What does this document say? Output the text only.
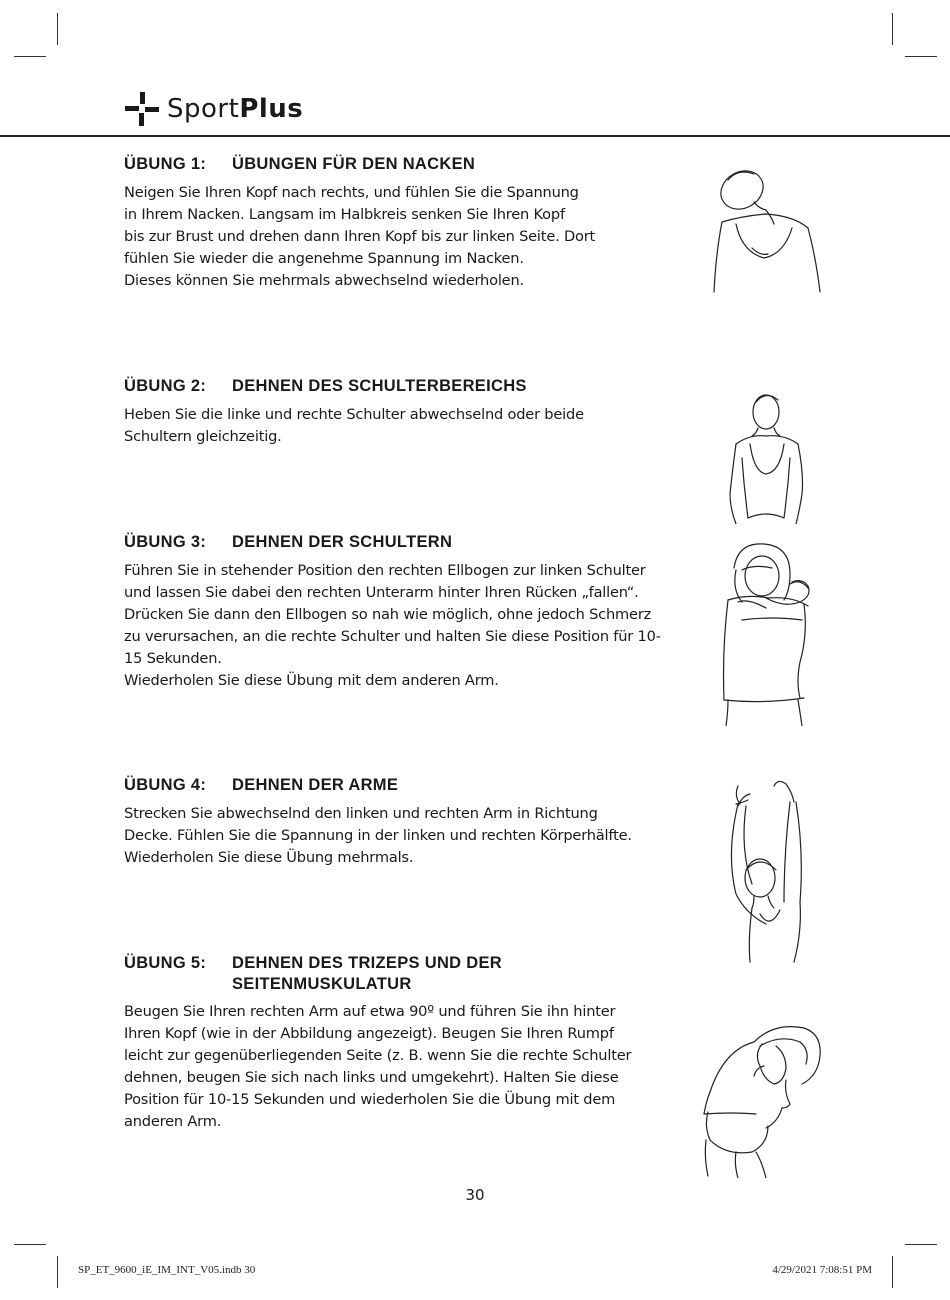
SportPlus
ÜBUNG 1:	ÜBUNGEN FÜR DEN NACKEN
Neigen Sie Ihren Kopf nach rechts, und fühlen Sie die Spannung
in Ihrem Nacken. Langsam im Halbkreis senken Sie Ihren Kopf
bis zur Brust und drehen dann Ihren Kopf bis zur linken Seite. Dort
fühlen Sie wieder die angenehme Spannung im Nacken.
Dieses können Sie mehrmals abwechselnd wiederholen.
ÜBUNG 2:	DEHNEN DES SCHULTERBEREICHS
Heben Sie die linke und rechte Schulter abwechselnd oder beide
Schultern gleichzeitig.
ÜBUNG 3:	DEHNEN DER SCHULTERN
Führen Sie in stehender Position den rechten Ellbogen zur linken Schulter
und lassen Sie dabei den rechten Unterarm hinter Ihren Rücken „fallen“.
Drücken Sie dann den Ellbogen so nah wie möglich, ohne jedoch Schmerz
zu verursachen, an die rechte Schulter und halten Sie diese Position für 10-
15 Sekunden.
Wiederholen Sie diese Übung mit dem anderen Arm.
ÜBUNG 4:	DEHNEN DER ARME
Strecken Sie abwechselnd den linken und rechten Arm in Richtung
Decke. Fühlen Sie die Spannung in der linken und rechten Körperhälfte.
Wiederholen Sie diese Übung mehrmals.
ÜBUNG 5:	DEHNEN DES TRIZEPS UND DER
SEITENMUSKULATUR
Beugen Sie Ihren rechten Arm auf etwa 90º und führen Sie ihn hinter
Ihren Kopf (wie in der Abbildung angezeigt). Beugen Sie Ihren Rumpf
leicht zur gegenüberliegenden Seite (z. B. wenn Sie die rechte Schulter
dehnen, beugen Sie sich nach links und umgekehrt). Halten Sie diese
Position für 10-15 Sekunden und wiederholen Sie die Übung mit dem
anderen Arm.
30
SP_ET_9600_iE_IM_INT_V05.indb 30	4/29/2021 7:08:51 PM
